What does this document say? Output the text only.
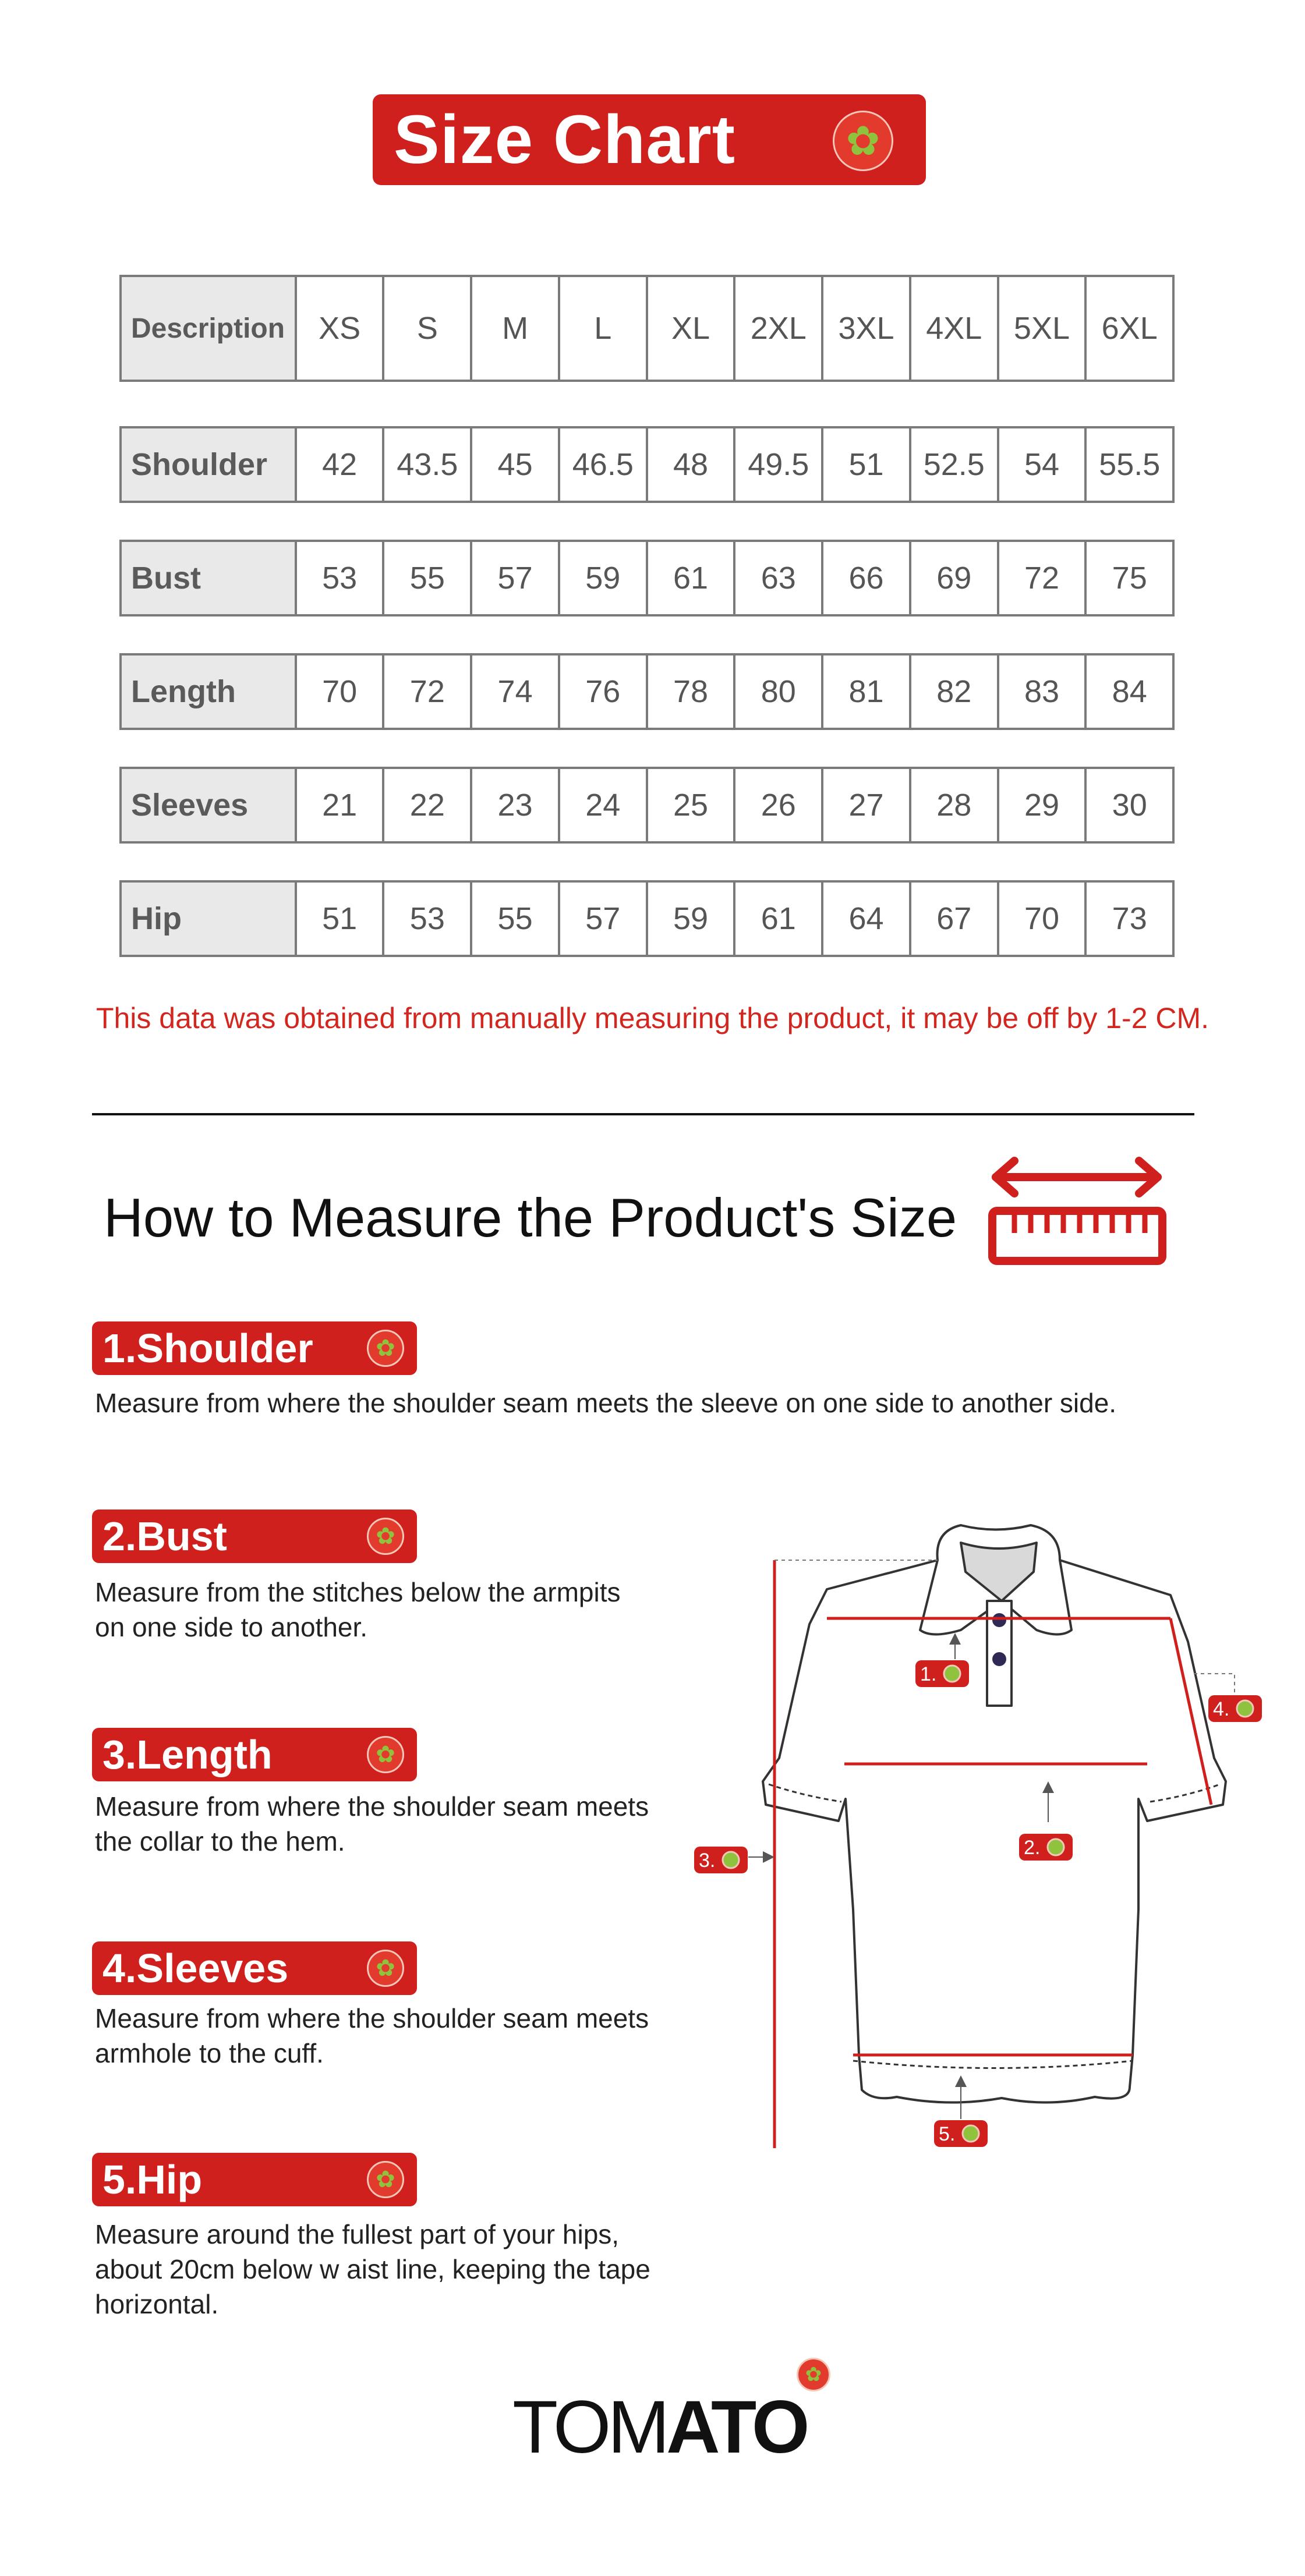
Size Chart	✿
Description	XS	S	M	L	XL	2XL	3XL	4XL	5XL	6XL
Shoulder	42	43.5	45	46.5	48	49.5	51	52.5	54	55.5
Bust	53	55	57	59	61	63	66	69	72	75
Length	70	72	74	76	78	80	81	82	83	84
Sleeves	21	22	23	24	25	26	27	28	29	30
Hip	51	53	55	57	59	61	64	67	70	73
This data was obtained from manually measuring the product, it may be off by 1-2 CM.
How to Measure the Product's Size
1.Shoulder	✿
Measure from where the shoulder seam meets the sleeve on one side to another side.
2.Bust	✿
Measure from the stitches below the armpits
on one side to another.
3.Length	✿
Measure from where the shoulder seam meets
the collar to the hem.
4.Sleeves	✿
Measure from where the shoulder seam meets
armhole to the cuff.
5.Hip	✿
Measure around the fullest part of your hips,
about 20cm below w aist line, keeping the tape
horizontal.
1.
2.
3.
4.
5.
TOMATO
✿
